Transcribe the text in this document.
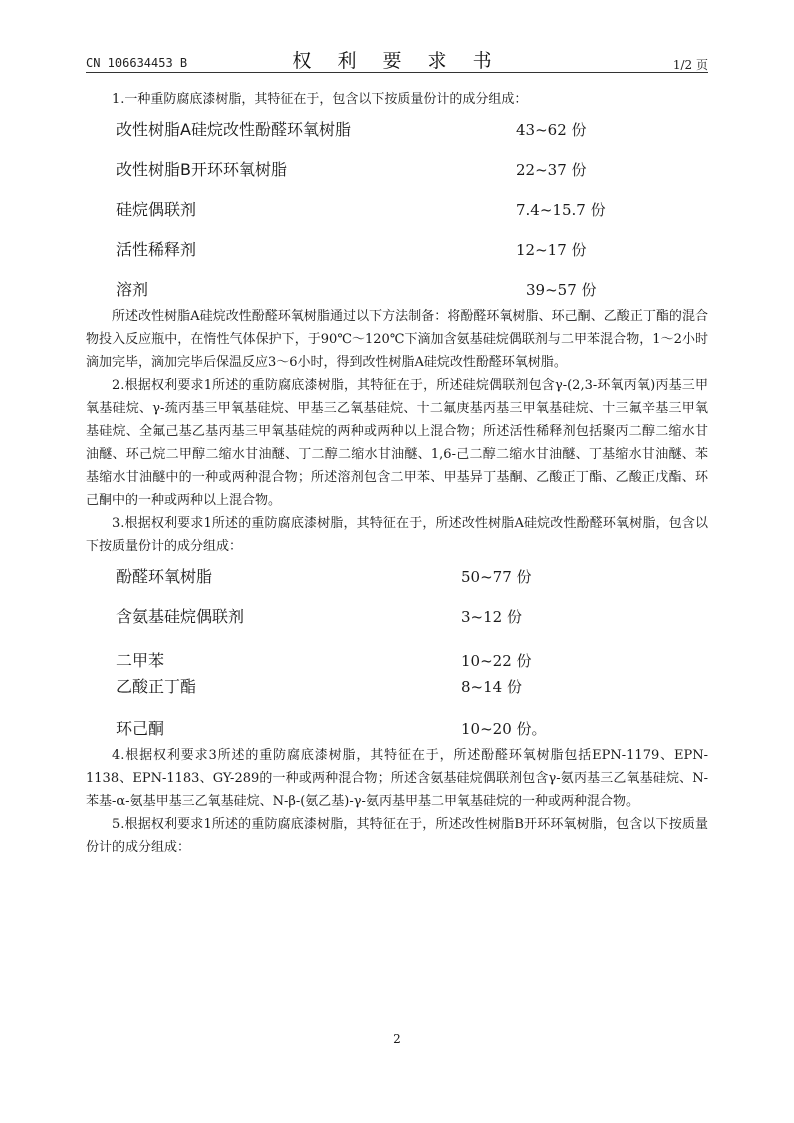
CN 106634453 B	权 利 要 求 书	1/2 页

1.一种重防腐底漆树脂，其特征在于，包含以下按质量份计的成分组成：

改性树脂A硅烷改性酚醛环氧树脂	43~62 份
改性树脂B开环环氧树脂	22~37 份
硅烷偶联剂	7.4~15.7 份
活性稀释剂	12~17 份
溶剂	39~57 份

所述改性树脂A硅烷改性酚醛环氧树脂通过以下方法制备：将酚醛环氧树脂、环己酮、乙酸正丁酯的混合物投入反应瓶中，在惰性气体保护下，于90℃～120℃下滴加含氨基硅烷偶联剂与二甲苯混合物，1～2小时滴加完毕，滴加完毕后保温反应3～6小时，得到改性树脂A硅烷改性酚醛环氧树脂。

2.根据权利要求1所述的重防腐底漆树脂，其特征在于，所述硅烷偶联剂包含γ-(2,3-环氧丙氧)丙基三甲氧基硅烷、γ-巯丙基三甲氧基硅烷、甲基三乙氧基硅烷、十二氟庚基丙基三甲氧基硅烷、十三氟辛基三甲氧基硅烷、全氟己基乙基丙基三甲氧基硅烷的两种或两种以上混合物；所述活性稀释剂包括聚丙二醇二缩水甘油醚、环己烷二甲醇二缩水甘油醚、丁二醇二缩水甘油醚、1,6-己二醇二缩水甘油醚、丁基缩水甘油醚、苯基缩水甘油醚中的一种或两种混合物；所述溶剂包含二甲苯、甲基异丁基酮、乙酸正丁酯、乙酸正戊酯、环己酮中的一种或两种以上混合物。

3.根据权利要求1所述的重防腐底漆树脂，其特征在于，所述改性树脂A硅烷改性酚醛环氧树脂，包含以下按质量份计的成分组成：

酚醛环氧树脂	50~77 份
含氨基硅烷偶联剂	3~12 份
二甲苯	10~22 份
乙酸正丁酯	8~14 份
环己酮	10~20 份。

4.根据权利要求3所述的重防腐底漆树脂，其特征在于，所述酚醛环氧树脂包括EPN-1179、EPN-1138、EPN-1183、GY-289的一种或两种混合物；所述含氨基硅烷偶联剂包含γ-氨丙基三乙氧基硅烷、N-苯基-α-氨基甲基三乙氧基硅烷、N-β-(氨乙基)-γ-氨丙基甲基二甲氧基硅烷的一种或两种混合物。

5.根据权利要求1所述的重防腐底漆树脂，其特征在于，所述改性树脂B开环环氧树脂，包含以下按质量份计的成分组成：

2
